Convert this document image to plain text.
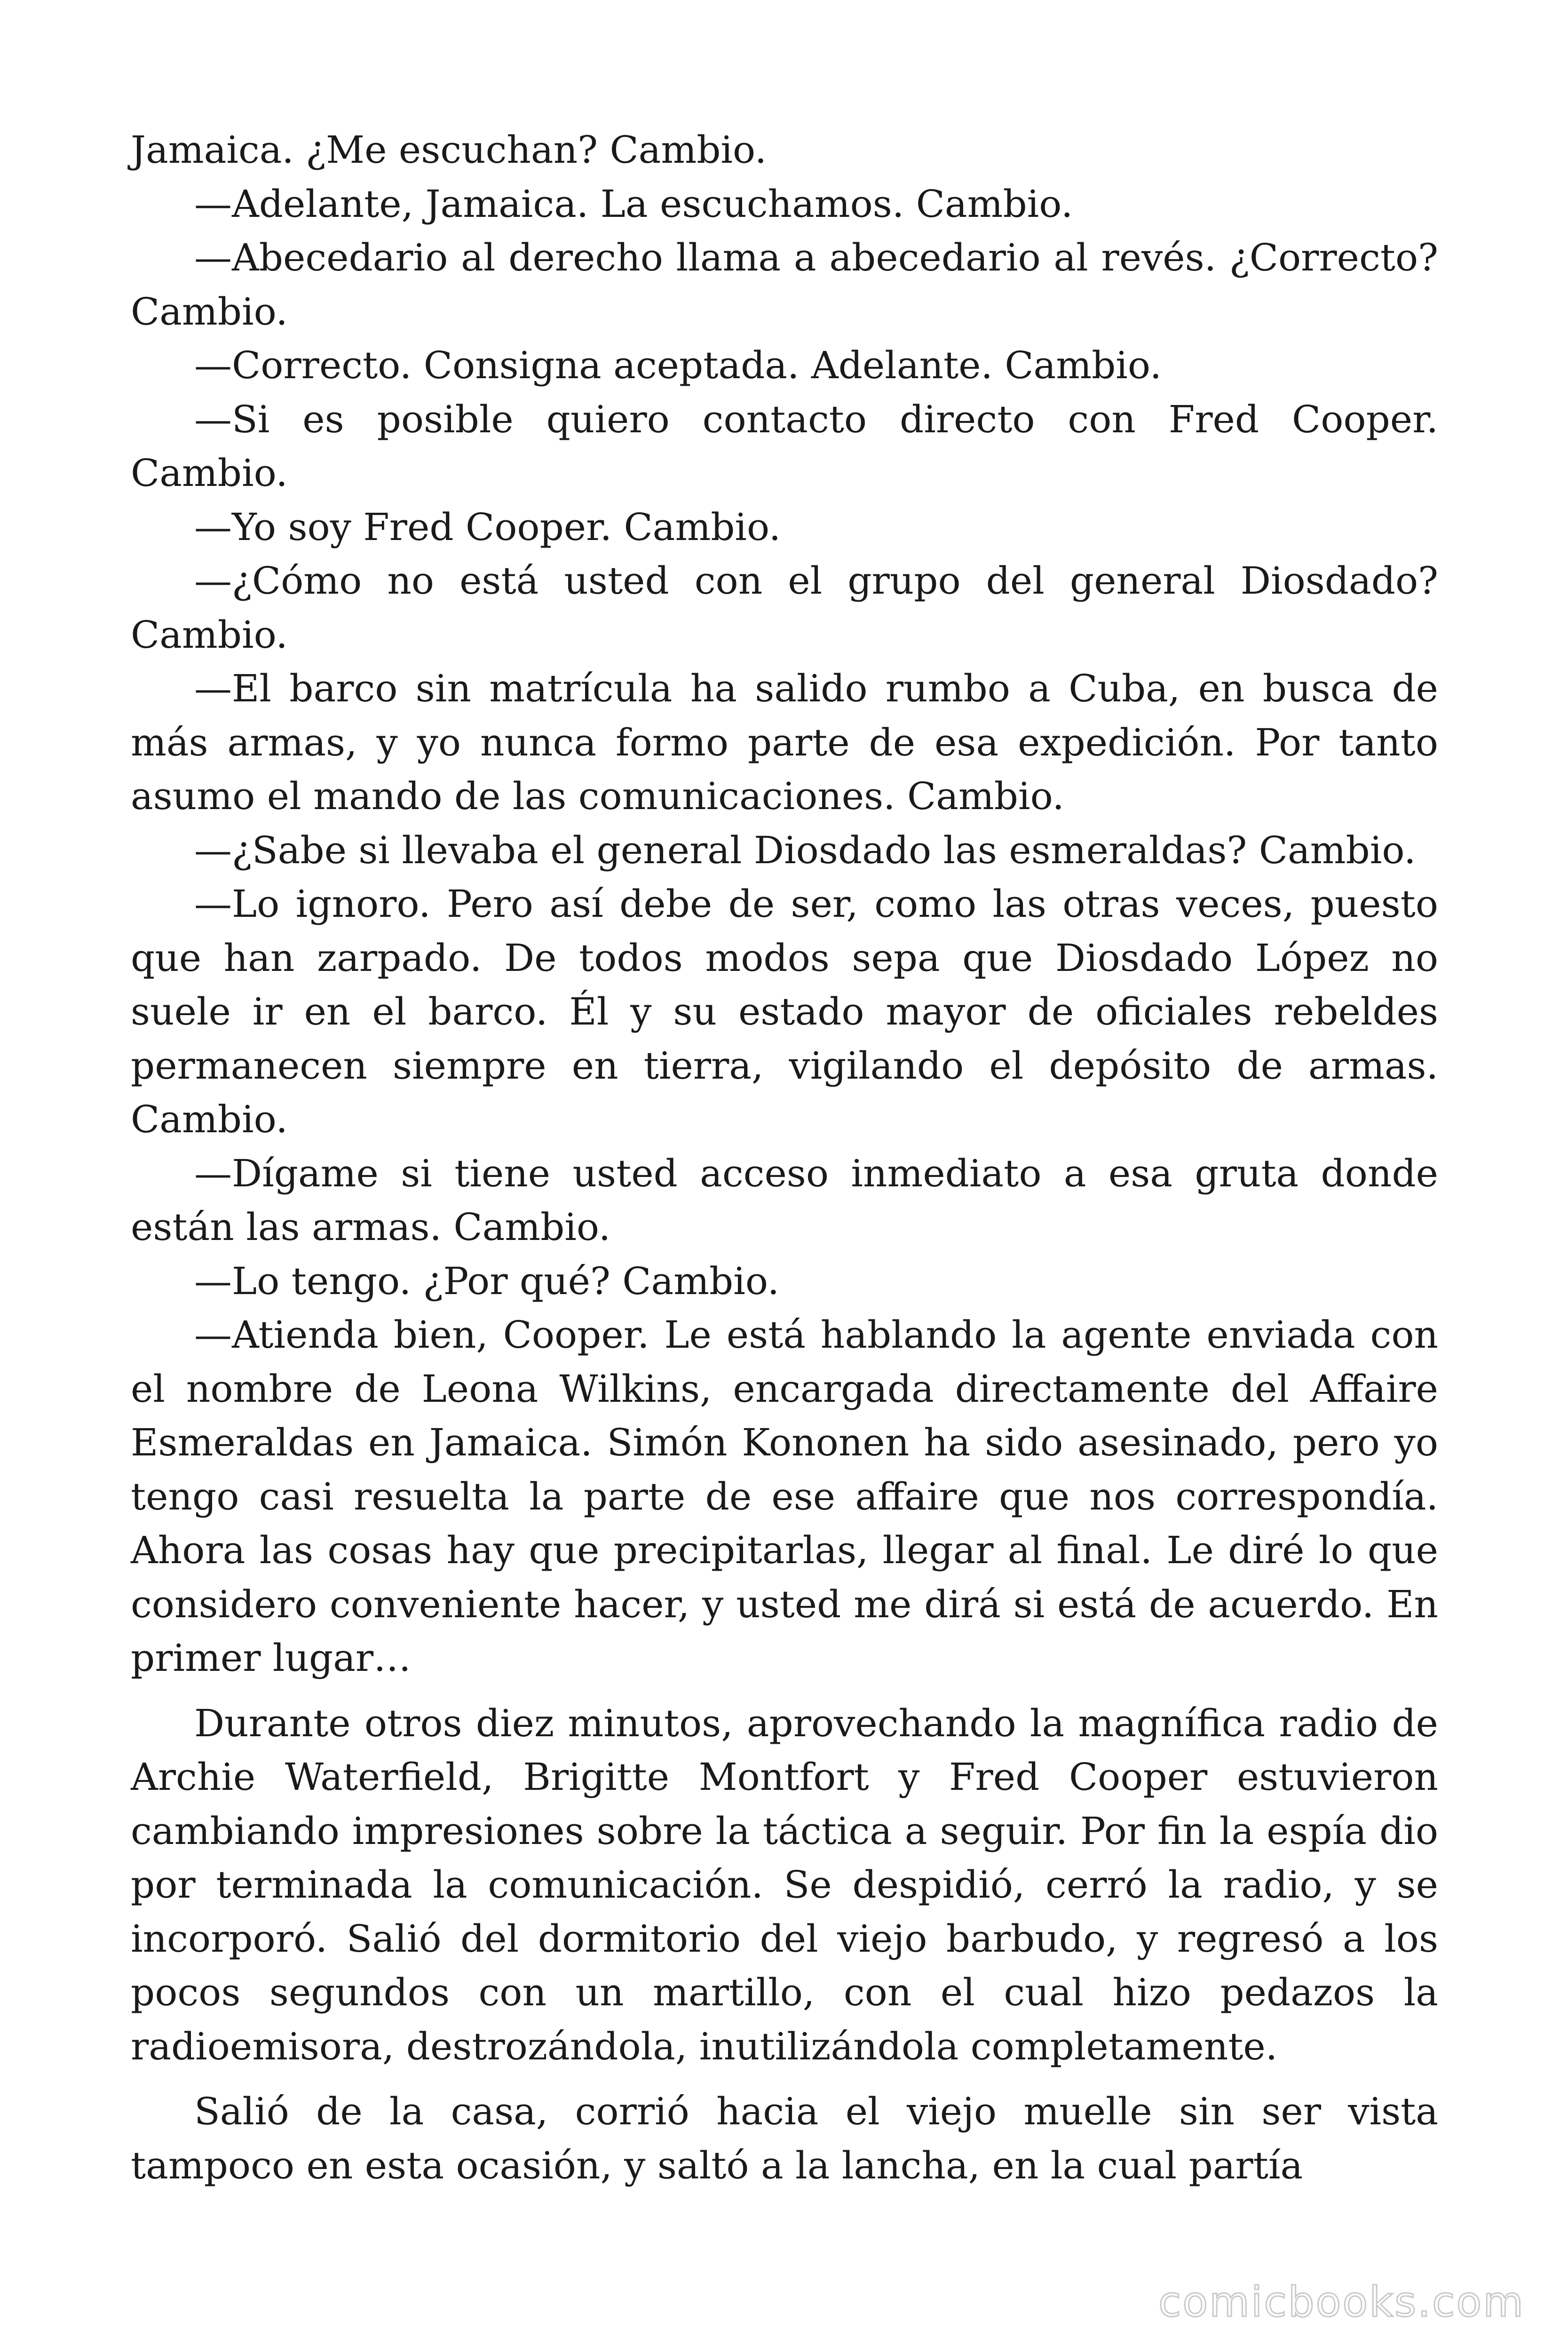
Jamaica. ¿Me escuchan? Cambio.

—Adelante, Jamaica. La escuchamos. Cambio.

—Abecedario al derecho llama a abecedario al revés. ¿Correcto? Cambio.

—Correcto. Consigna aceptada. Adelante. Cambio.

—Si es posible quiero contacto directo con Fred Cooper. Cambio.

—Yo soy Fred Cooper. Cambio.

—¿Cómo no está usted con el grupo del general Diosdado? Cambio.

—El barco sin matrícula ha salido rumbo a Cuba, en busca de más armas, y yo nunca formo parte de esa expedición. Por tanto asumo el mando de las comunicaciones. Cambio.

—¿Sabe si llevaba el general Diosdado las esmeraldas? Cambio.

—Lo ignoro. Pero así debe de ser, como las otras veces, puesto que han zarpado. De todos modos sepa que Diosdado López no suele ir en el barco. Él y su estado mayor de oficiales rebeldes permanecen siempre en tierra, vigilando el depósito de armas. Cambio.

—Dígame si tiene usted acceso inmediato a esa gruta donde están las armas. Cambio.

—Lo tengo. ¿Por qué? Cambio.

—Atienda bien, Cooper. Le está hablando la agente enviada con el nombre de Leona Wilkins, encargada directamente del Affaire Esmeraldas en Jamaica. Simón Kononen ha sido asesinado, pero yo tengo casi resuelta la parte de ese affaire que nos correspondía. Ahora las cosas hay que precipitarlas, llegar al final. Le diré lo que considero conveniente hacer, y usted me dirá si está de acuerdo. En primer lugar…

Durante otros diez minutos, aprovechando la magnífica radio de Archie Waterfield, Brigitte Montfort y Fred Cooper estuvieron cambiando impresiones sobre la táctica a seguir. Por fin la espía dio por terminada la comunicación. Se despidió, cerró la radio, y se incorporó. Salió del dormitorio del viejo barbudo, y regresó a los pocos segundos con un martillo, con el cual hizo pedazos la radioemisora, destrozándola, inutilizándola completamente.

Salió de la casa, corrió hacia el viejo muelle sin ser vista tampoco en esta ocasión, y saltó a la lancha, en la cual partía

comicbooks.com
